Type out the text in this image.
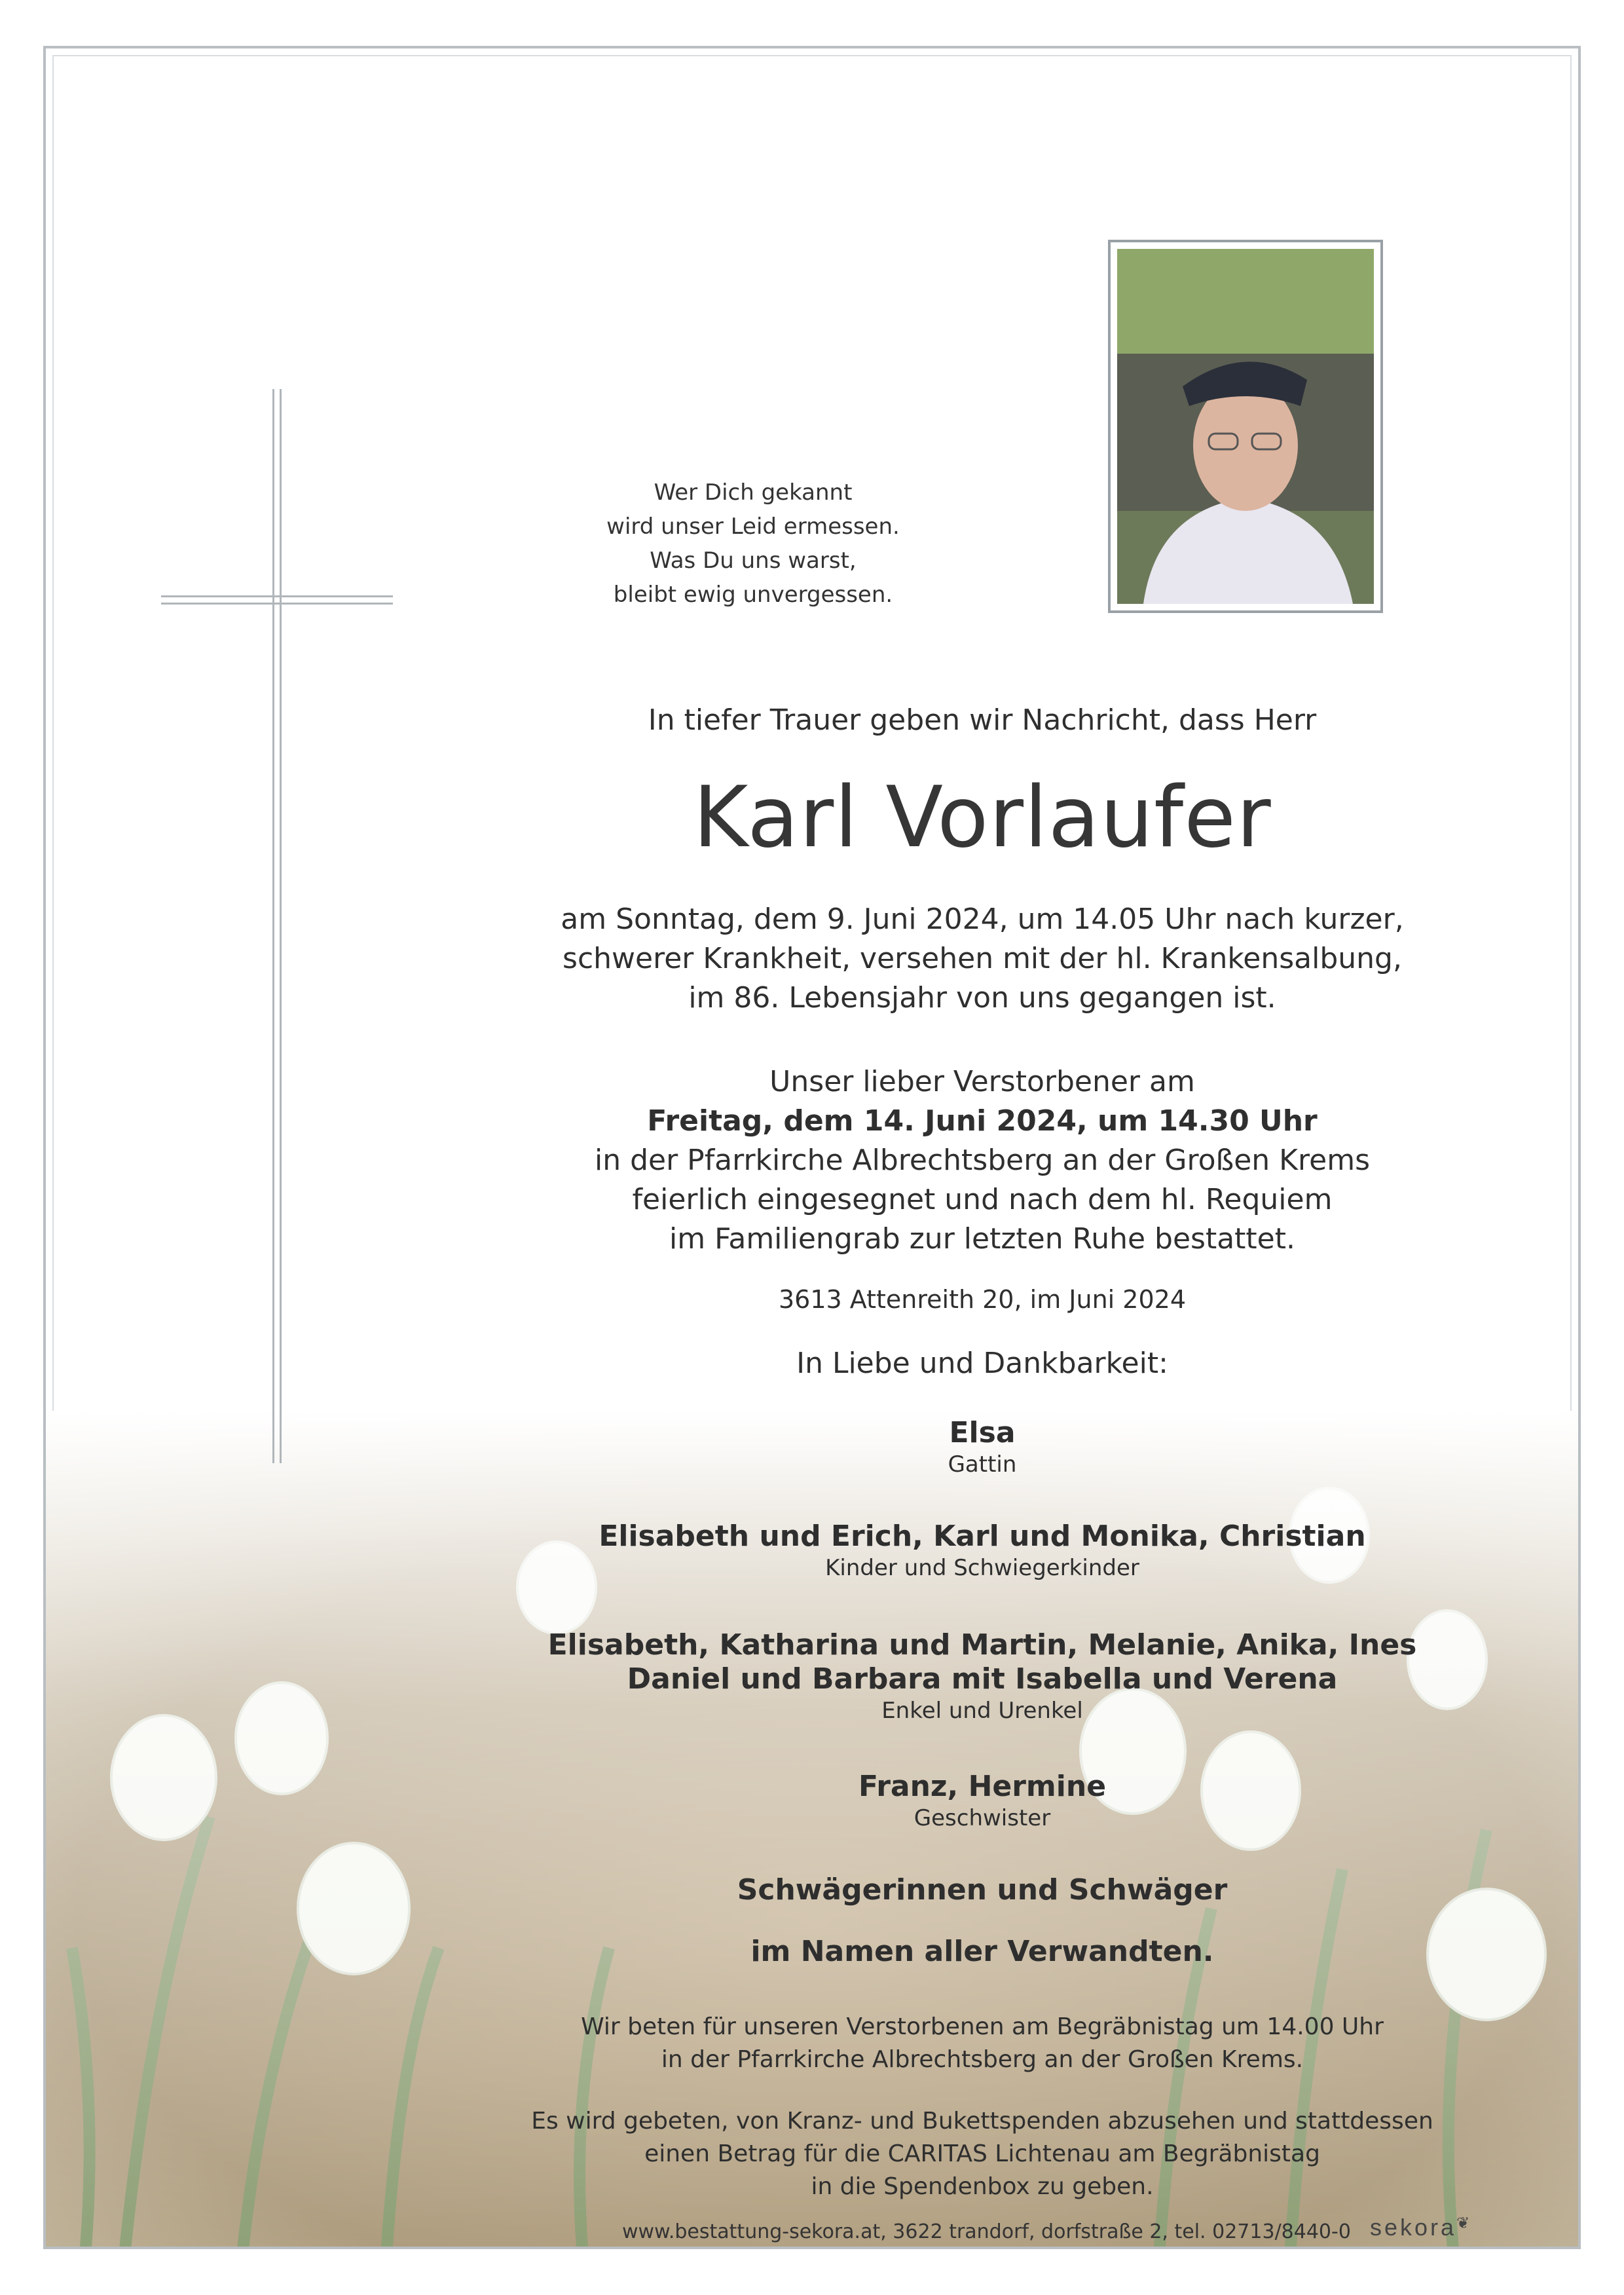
Wer Dich gekannt
wird unser Leid ermessen.
Was Du uns warst,
bleibt ewig unvergessen.
In tiefer Trauer geben wir Nachricht, dass Herr
Karl Vorlaufer
am Sonntag, dem 9. Juni 2024, um 14.05 Uhr nach kurzer,
schwerer Krankheit, versehen mit der hl. Krankensalbung,
im 86. Lebensjahr von uns gegangen ist.
Unser lieber Verstorbener am
Freitag, dem 14. Juni 2024, um 14.30 Uhr
in der Pfarrkirche Albrechtsberg an der Großen Krems
feierlich eingesegnet und nach dem hl. Requiem
im Familiengrab zur letzten Ruhe bestattet.
3613 Attenreith 20, im Juni 2024
In Liebe und Dankbarkeit:
Elsa
Gattin
Elisabeth und Erich, Karl und Monika, Christian
Kinder und Schwiegerkinder
Elisabeth, Katharina und Martin, Melanie, Anika, Ines
Daniel und Barbara mit Isabella und Verena
Enkel und Urenkel
Franz, Hermine
Geschwister
Schwägerinnen und Schwäger
im Namen aller Verwandten.
Wir beten für unseren Verstorbenen am Begräbnistag um 14.00 Uhr
in der Pfarrkirche Albrechtsberg an der Großen Krems.
Es wird gebeten, von Kranz- und Bukettspenden abzusehen und stattdessen
einen Betrag für die CARITAS Lichtenau am Begräbnistag
in die Spendenbox zu geben.
www.bestattung-sekora.at, 3622 trandorf, dorfstraße 2, tel. 02713/8440-0 sekora❦
